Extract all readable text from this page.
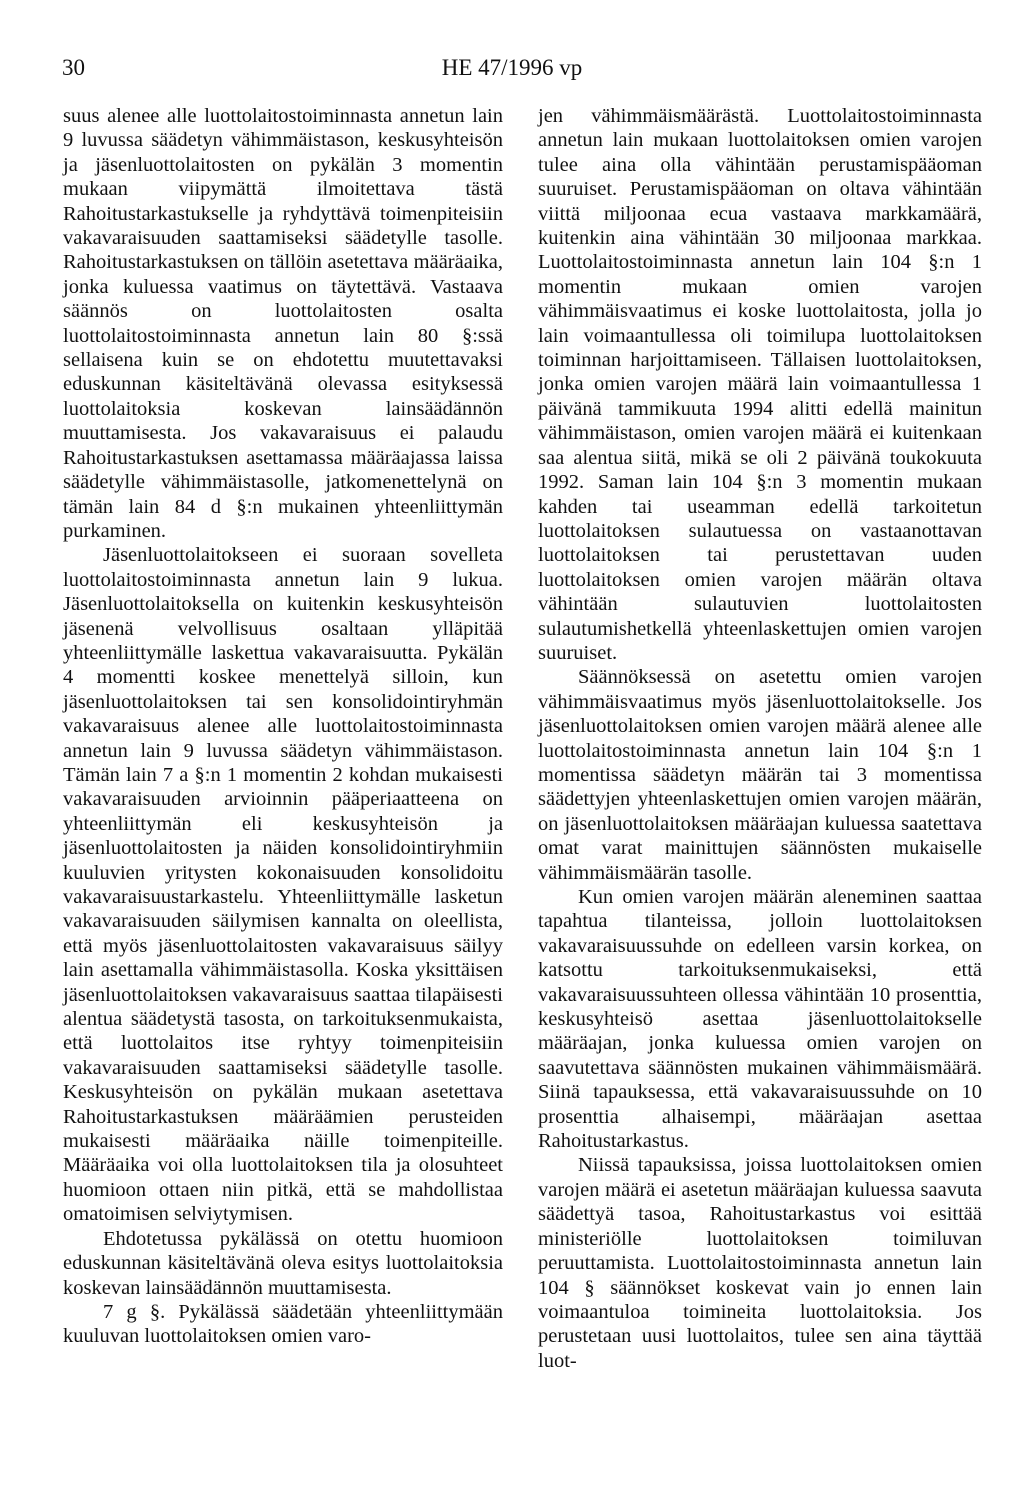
30	HE 47/1996 vp

suus alenee alle luottolaitostoiminnasta annetun lain 9 luvussa säädetyn vähimmäistason, keskusyhteisön ja jäsenluottolaitosten on pykälän 3 momentin mukaan viipymättä ilmoitettava tästä Rahoitustarkastukselle ja ryhdyttävä toimenpiteisiin vakavaraisuuden saattamiseksi säädetylle tasolle. Rahoitustarkastuksen on tällöin asetettava määräaika, jonka kuluessa vaatimus on täytettävä. Vastaava säännös on luottolaitosten osalta luottolaitostoiminnasta annetun lain 80 §:ssä sellaisena kuin se on ehdotettu muutettavaksi eduskunnan käsiteltävänä olevassa esityksessä luottolaitoksia koskevan lainsäädännön muuttamisesta. Jos vakavaraisuus ei palaudu Rahoitustarkastuksen asettamassa määräajassa laissa säädetylle vähimmäistasolle, jatkomenettelynä on tämän lain 84 d §:n mukainen yhteenliittymän purkaminen.

Jäsenluottolaitokseen ei suoraan sovelleta luottolaitostoiminnasta annetun lain 9 lukua. Jäsenluottolaitoksella on kuitenkin keskusyhteisön jäsenenä velvollisuus osaltaan ylläpitää yhteenliittymälle laskettua vakavaraisuutta. Pykälän 4 momentti koskee menettelyä silloin, kun jäsenluottolaitoksen tai sen konsolidointiryhmän vakavaraisuus alenee alle luottolaitostoiminnasta annetun lain 9 luvussa säädetyn vähimmäistason. Tämän lain 7 a §:n 1 momentin 2 kohdan mukaisesti vakavaraisuuden arvioinnin pääperiaatteena on yhteenliittymän eli keskusyhteisön ja jäsenluottolaitosten ja näiden konsolidointiryhmiin kuuluvien yritysten kokonaisuuden konsolidoitu vakavaraisuustarkastelu. Yhteenliittymälle lasketun vakavaraisuuden säilymisen kannalta on oleellista, että myös jäsenluottolaitosten vakavaraisuus säilyy lain asettamalla vähimmäistasolla. Koska yksittäisen jäsenluottolaitoksen vakavaraisuus saattaa tilapäisesti alentua säädetystä tasosta, on tarkoituksenmukaista, että luottolaitos itse ryhtyy toimenpiteisiin vakavaraisuuden saattamiseksi säädetylle tasolle. Keskusyhteisön on pykälän mukaan asetettava Rahoitustarkastuksen määräämien perusteiden mukaisesti määräaika näille toimenpiteille. Määräaika voi olla luottolaitoksen tila ja olosuhteet huomioon ottaen niin pitkä, että se mahdollistaa omatoimisen selviytymisen.

Ehdotetussa pykälässä on otettu huomioon eduskunnan käsiteltävänä oleva esitys luottolaitoksia koskevan lainsäädännön muuttamisesta.

7 g §. Pykälässä säädetään yhteenliittymään kuuluvan luottolaitoksen omien varo-

jen vähimmäismäärästä. Luottolaitostoiminnasta annetun lain mukaan luottolaitoksen omien varojen tulee aina olla vähintään perustamispääoman suuruiset. Perustamispääoman on oltava vähintään viittä miljoonaa ecua vastaava markkamäärä, kuitenkin aina vähintään 30 miljoonaa markkaa. Luottolaitostoiminnasta annetun lain 104 §:n 1 momentin mukaan omien varojen vähimmäisvaatimus ei koske luottolaitosta, jolla jo lain voimaantullessa oli toimilupa luottolaitoksen toiminnan harjoittamiseen. Tällaisen luottolaitoksen, jonka omien varojen määrä lain voimaantullessa 1 päivänä tammikuuta 1994 alitti edellä mainitun vähimmäistason, omien varojen määrä ei kuitenkaan saa alentua siitä, mikä se oli 2 päivänä toukokuuta 1992. Saman lain 104 §:n 3 momentin mukaan kahden tai useamman edellä tarkoitetun luottolaitoksen sulautuessa on vastaanottavan luottolaitoksen tai perustettavan uuden luottolaitoksen omien varojen määrän oltava vähintään sulautuvien luottolaitosten sulautumishetkellä yhteenlaskettujen omien varojen suuruiset.

Säännöksessä on asetettu omien varojen vähimmäisvaatimus myös jäsenluottolaitokselle. Jos jäsenluottolaitoksen omien varojen määrä alenee alle luottolaitostoiminnasta annetun lain 104 §:n 1 momentissa säädetyn määrän tai 3 momentissa säädettyjen yhteenlaskettujen omien varojen määrän, on jäsenluottolaitoksen määräajan kuluessa saatettava omat varat mainittujen säännösten mukaiselle vähimmäismäärän tasolle.

Kun omien varojen määrän aleneminen saattaa tapahtua tilanteissa, jolloin luottolaitoksen vakavaraisuussuhde on edelleen varsin korkea, on katsottu tarkoituksenmukaiseksi, että vakavaraisuussuhteen ollessa vähintään 10 prosenttia, keskusyhteisö asettaa jäsenluottolaitokselle määräajan, jonka kuluessa omien varojen on saavutettava säännösten mukainen vähimmäismäärä. Siinä tapauksessa, että vakavaraisuussuhde on 10 prosenttia alhaisempi, määräajan asettaa Rahoitustarkastus.

Niissä tapauksissa, joissa luottolaitoksen omien varojen määrä ei asetetun määräajan kuluessa saavuta säädettyä tasoa, Rahoitustarkastus voi esittää ministeriölle luottolaitoksen toimiluvan peruuttamista. Luottolaitostoiminnasta annetun lain 104 § säännökset koskevat vain jo ennen lain voimaantuloa toimineita luottolaitoksia. Jos perustetaan uusi luottolaitos, tulee sen aina täyttää luot-
